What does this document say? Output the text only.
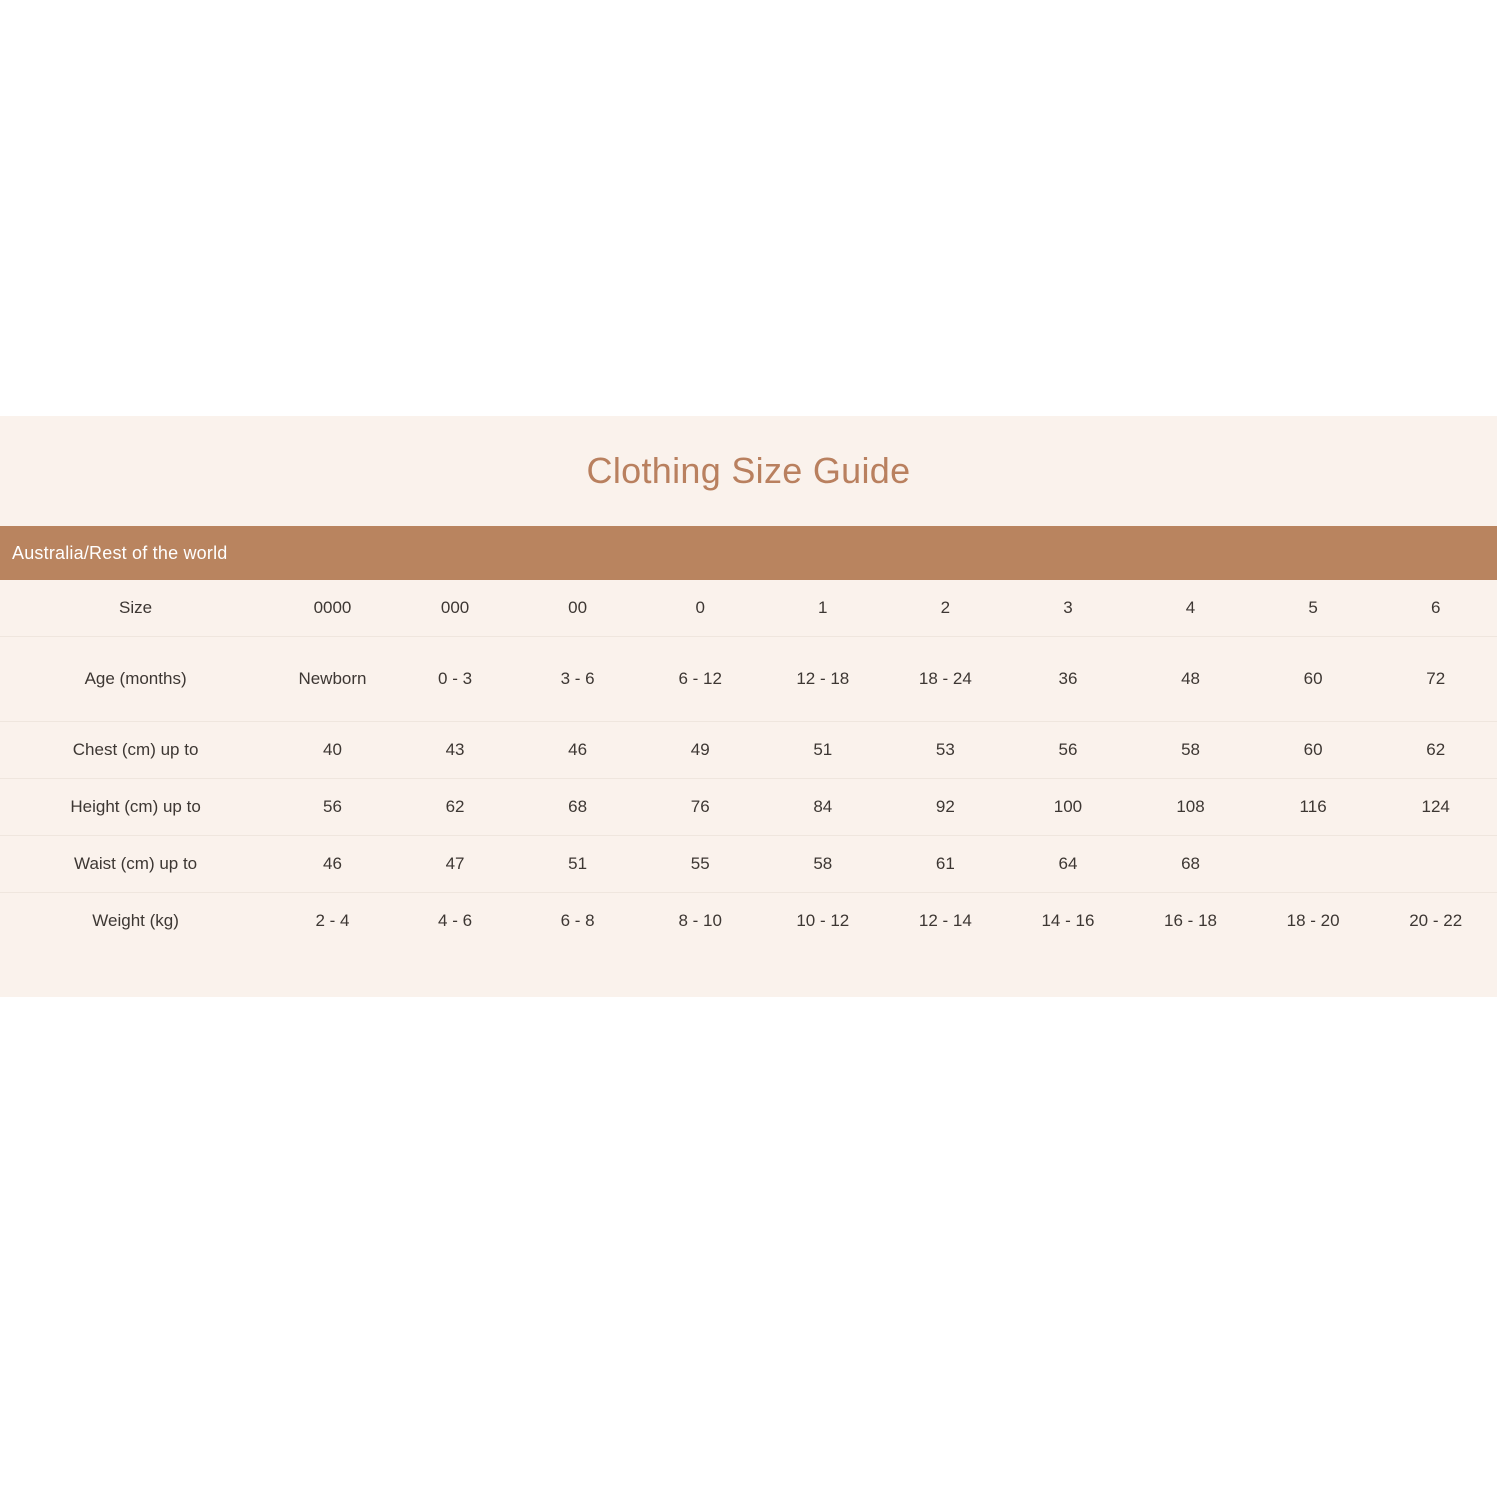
Clothing Size Guide
Australia/Rest of the world
Size	0000	000	00	0	1	2	3	4	5	6
Age (months)	Newborn	0 - 3	3 - 6	6 - 12	12 - 18	18 - 24	36	48	60	72
Chest (cm) up to	40	43	46	49	51	53	56	58	60	62
Height (cm) up to	56	62	68	76	84	92	100	108	116	124
Waist (cm) up to	46	47	51	55	58	61	64	68		
Weight (kg)	2 - 4	4 - 6	6 - 8	8 - 10	10 - 12	12 - 14	14 - 16	16 - 18	18 - 20	20 - 22
